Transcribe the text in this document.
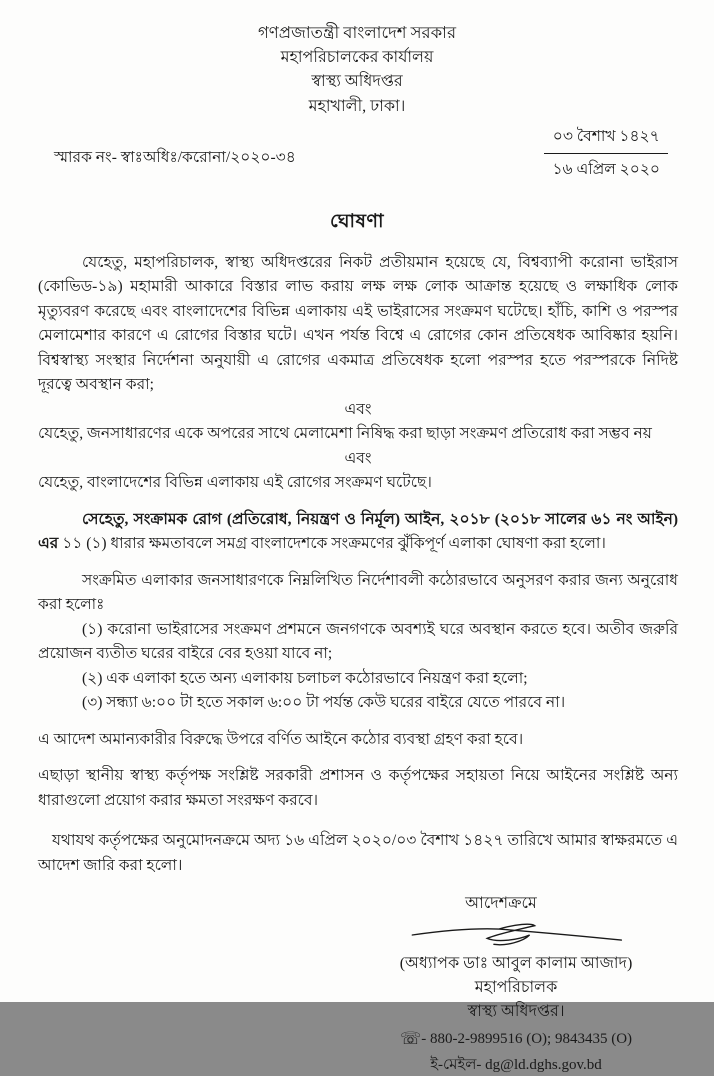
গণপ্রজাতন্ত্রী বাংলাদেশ সরকার
মহাপরিচালকের কার্যালয়
স্বাস্থ্য অধিদপ্তর
মহাখালী, ঢাকা।
স্মারক নং- স্বাঃঅধিঃ/করোনা/২০২০-৩৪
০৩ বৈশাখ ১৪২৭
১৬ এপ্রিল ২০২০
ঘোষণা

যেহেতু, মহাপরিচালক, স্বাস্থ্য অধিদপ্তরের নিকট প্রতীয়মান হয়েছে যে, বিশ্বব্যাপী করোনা ভাইরাস (কোভিড-১৯) মহামারী আকারে বিস্তার লাভ করায় লক্ষ লক্ষ লোক আক্রান্ত হয়েছে ও লক্ষাধিক লোক মৃত্যুবরণ করেছে এবং বাংলাদেশের বিভিন্ন এলাকায় এই ভাইরাসের সংক্রমণ ঘটেছে। হাঁচি, কাশি ও পরস্পর মেলামেশার কারণে এ রোগের বিস্তার ঘটে। এখন পর্যন্ত বিশ্বে এ রোগের কোন প্রতিষেধক আবিষ্কার হয়নি। বিশ্বস্বাস্থ্য সংস্থার নির্দেশনা অনুযায়ী এ রোগের একমাত্র প্রতিষেধক হলো পরস্পর হতে পরস্পরকে নিদিষ্ট দূরত্বে অবস্থান করা;

এবং

যেহেতু, জনসাধারণের একে অপরের সাথে মেলামেশা নিষিদ্ধ করা ছাড়া সংক্রমণ প্রতিরোধ করা সম্ভব নয়

এবং

যেহেতু, বাংলাদেশের বিভিন্ন এলাকায় এই রোগের সংক্রমণ ঘটেছে।

সেহেতু, সংক্রামক রোগ (প্রতিরোধ, নিয়ন্ত্রণ ও নির্মূল) আইন, ২০১৮ (২০১৮ সালের ৬১ নং আইন) এর ১১ (১) ধারার ক্ষমতাবলে সমগ্র বাংলাদেশকে সংক্রমণের ঝুঁকিপূর্ণ এলাকা ঘোষণা করা হলো।

সংক্রমিত এলাকার জনসাধারণকে নিম্নলিখিত নির্দেশাবলী কঠোরভাবে অনুসরণ করার জন্য অনুরোধ করা হলোঃ

(১) করোনা ভাইরাসের সংক্রমণ প্রশমনে জনগণকে অবশ্যই ঘরে অবস্থান করতে হবে। অতীব জরুরি প্রয়োজন ব্যতীত ঘরের বাইরে বের হওয়া যাবে না;

(২) এক এলাকা হতে অন্য এলাকায় চলাচল কঠোরভাবে নিয়ন্ত্রণ করা হলো;

(৩) সন্ধ্যা ৬:০০ টা হতে সকাল ৬:০০ টা পর্যন্ত কেউ ঘরের বাইরে যেতে পারবে না।

এ আদেশ অমান্যকারীর বিরুদ্ধে উপরে বর্ণিত আইনে কঠোর ব্যবস্থা গ্রহণ করা হবে।

এছাড়া স্থানীয় স্বাস্থ্য কর্তৃপক্ষ সংশ্লিষ্ট সরকারী প্রশাসন ও কর্তৃপক্ষের সহায়তা নিয়ে আইনের সংশ্লিষ্ট অন্য ধারাগুলো প্রয়োগ করার ক্ষমতা সংরক্ষণ করবে।

যথাযথ কর্তৃপক্ষের অনুমোদনক্রমে অদ্য ১৬ এপ্রিল ২০২০/০৩ বৈশাখ ১৪২৭ তারিখে আমার স্বাক্ষরমতে এ আদেশ জারি করা হলো।

আদেশক্রমে
(অধ্যাপক ডাঃ আবুল কালাম আজাদ)
মহাপরিচালক
স্বাস্থ্য অধিদপ্তর।
☏- 880-2-9899516 (O); 9843435 (O)
ই-মেইল- dg@ld.dghs.gov.bd
